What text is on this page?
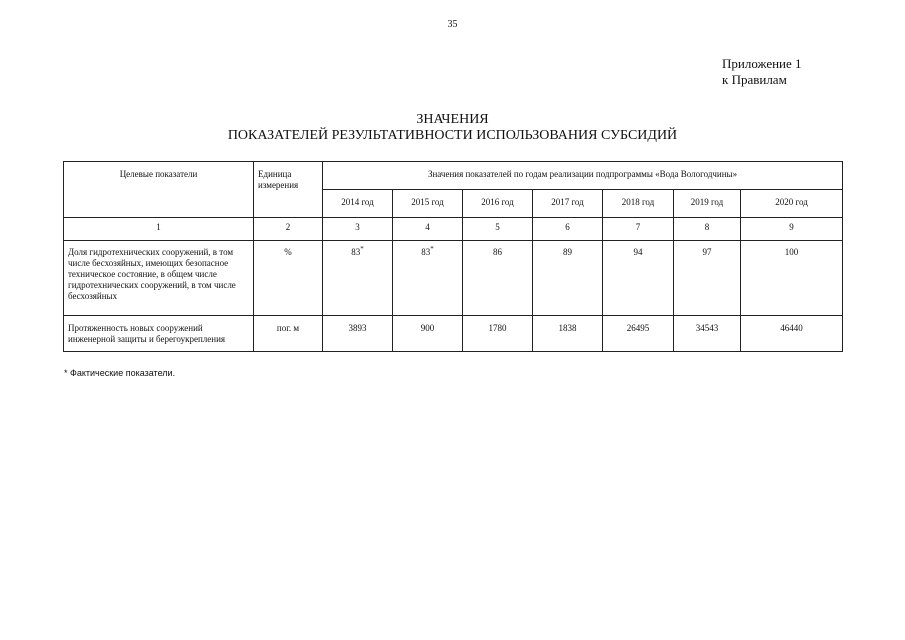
35
Приложение 1
к Правилам
ЗНАЧЕНИЯ
ПОКАЗАТЕЛЕЙ РЕЗУЛЬТАТИВНОСТИ ИСПОЛЬЗОВАНИЯ СУБСИДИЙ
Целевые показатели	Единица измерения	Значения показателей по годам реализации подпрограммы «Вода Вологодчины»						
		2014 год	2015 год	2016 год	2017 год	2018 год	2019 год	2020 год
1	2	3	4	5	6	7	8	9
Доля гидротехнических сооружений, в том числе бесхозяйных, имеющих безопасное техническое состояние, в общем числе гидротехнических сооружений, в том числе бесхозяйных	%	83*	83*	86	89	94	97	100
Протяженность новых сооружений инженерной защиты и берегоукрепления	пог. м	3893	900	1780	1838	26495	34543	46440
* Фактические показатели.
